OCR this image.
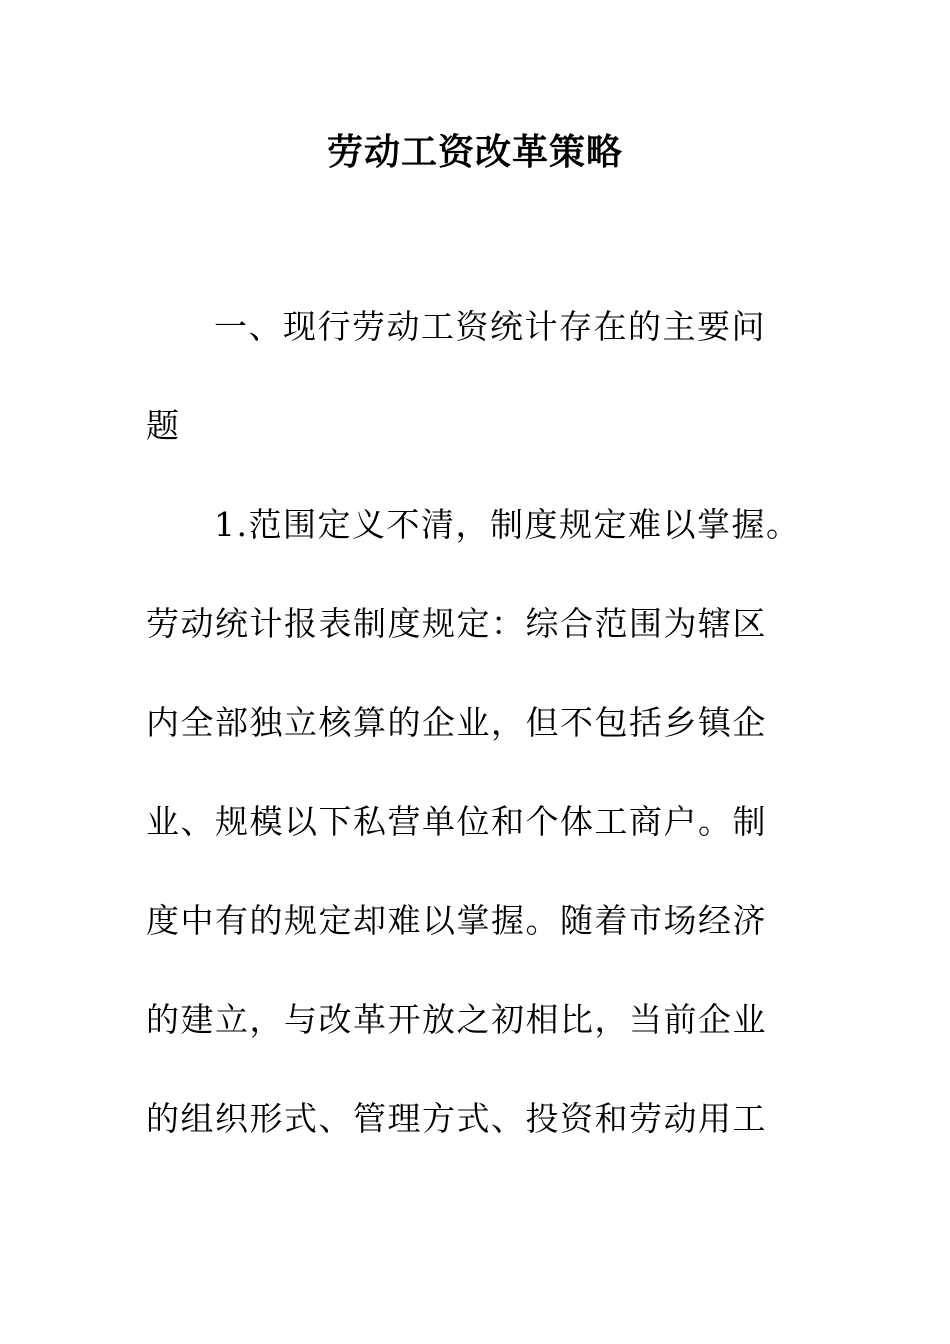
劳动工资改革策略
一、现行劳动工资统计存在的主要问
题
1.范围定义不清，制度规定难以掌握。
劳动统计报表制度规定：综合范围为辖区
内全部独立核算的企业，但不包括乡镇企
业、规模以下私营单位和个体工商户。制
度中有的规定却难以掌握。随着市场经济
的建立，与改革开放之初相比，当前企业
的组织形式、管理方式、投资和劳动用工
